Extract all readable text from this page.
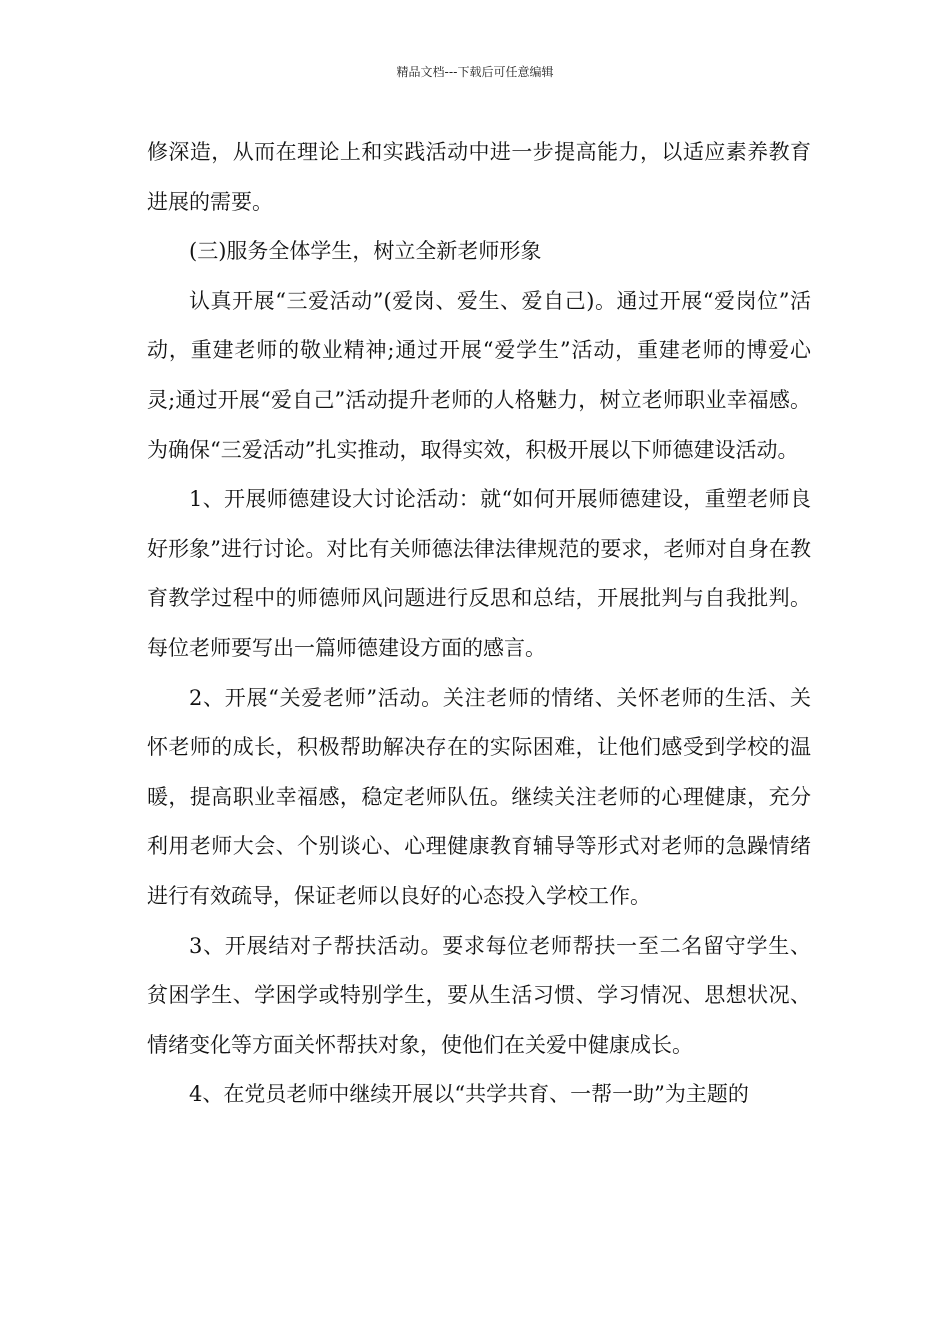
精品文档---下载后可任意编辑

修深造，从而在理论上和实践活动中进一步提高能力，以适应素养教育进展的需要。

(三)服务全体学生，树立全新老师形象

认真开展“三爱活动”(爱岗、爱生、爱自己)。通过开展“爱岗位”活动，重建老师的敬业精神;通过开展“爱学生”活动，重建老师的博爱心灵;通过开展“爱自己”活动提升老师的人格魅力，树立老师职业幸福感。为确保“三爱活动”扎实推动，取得实效，积极开展以下师德建设活动。

1、开展师德建设大讨论活动：就“如何开展师德建设，重塑老师良好形象”进行讨论。对比有关师德法律法律规范的要求，老师对自身在教育教学过程中的师德师风问题进行反思和总结，开展批判与自我批判。每位老师要写出一篇师德建设方面的感言。

2、开展“关爱老师”活动。关注老师的情绪、关怀老师的生活、关怀老师的成长，积极帮助解决存在的实际困难，让他们感受到学校的温暖，提高职业幸福感，稳定老师队伍。继续关注老师的心理健康，充分利用老师大会、个别谈心、心理健康教育辅导等形式对老师的急躁情绪进行有效疏导，保证老师以良好的心态投入学校工作。

3、开展结对子帮扶活动。要求每位老师帮扶一至二名留守学生、贫困学生、学困学或特别学生，要从生活习惯、学习情况、思想状况、情绪变化等方面关怀帮扶对象，使他们在关爱中健康成长。

4、在党员老师中继续开展以“共学共育、一帮一助”为主题的
